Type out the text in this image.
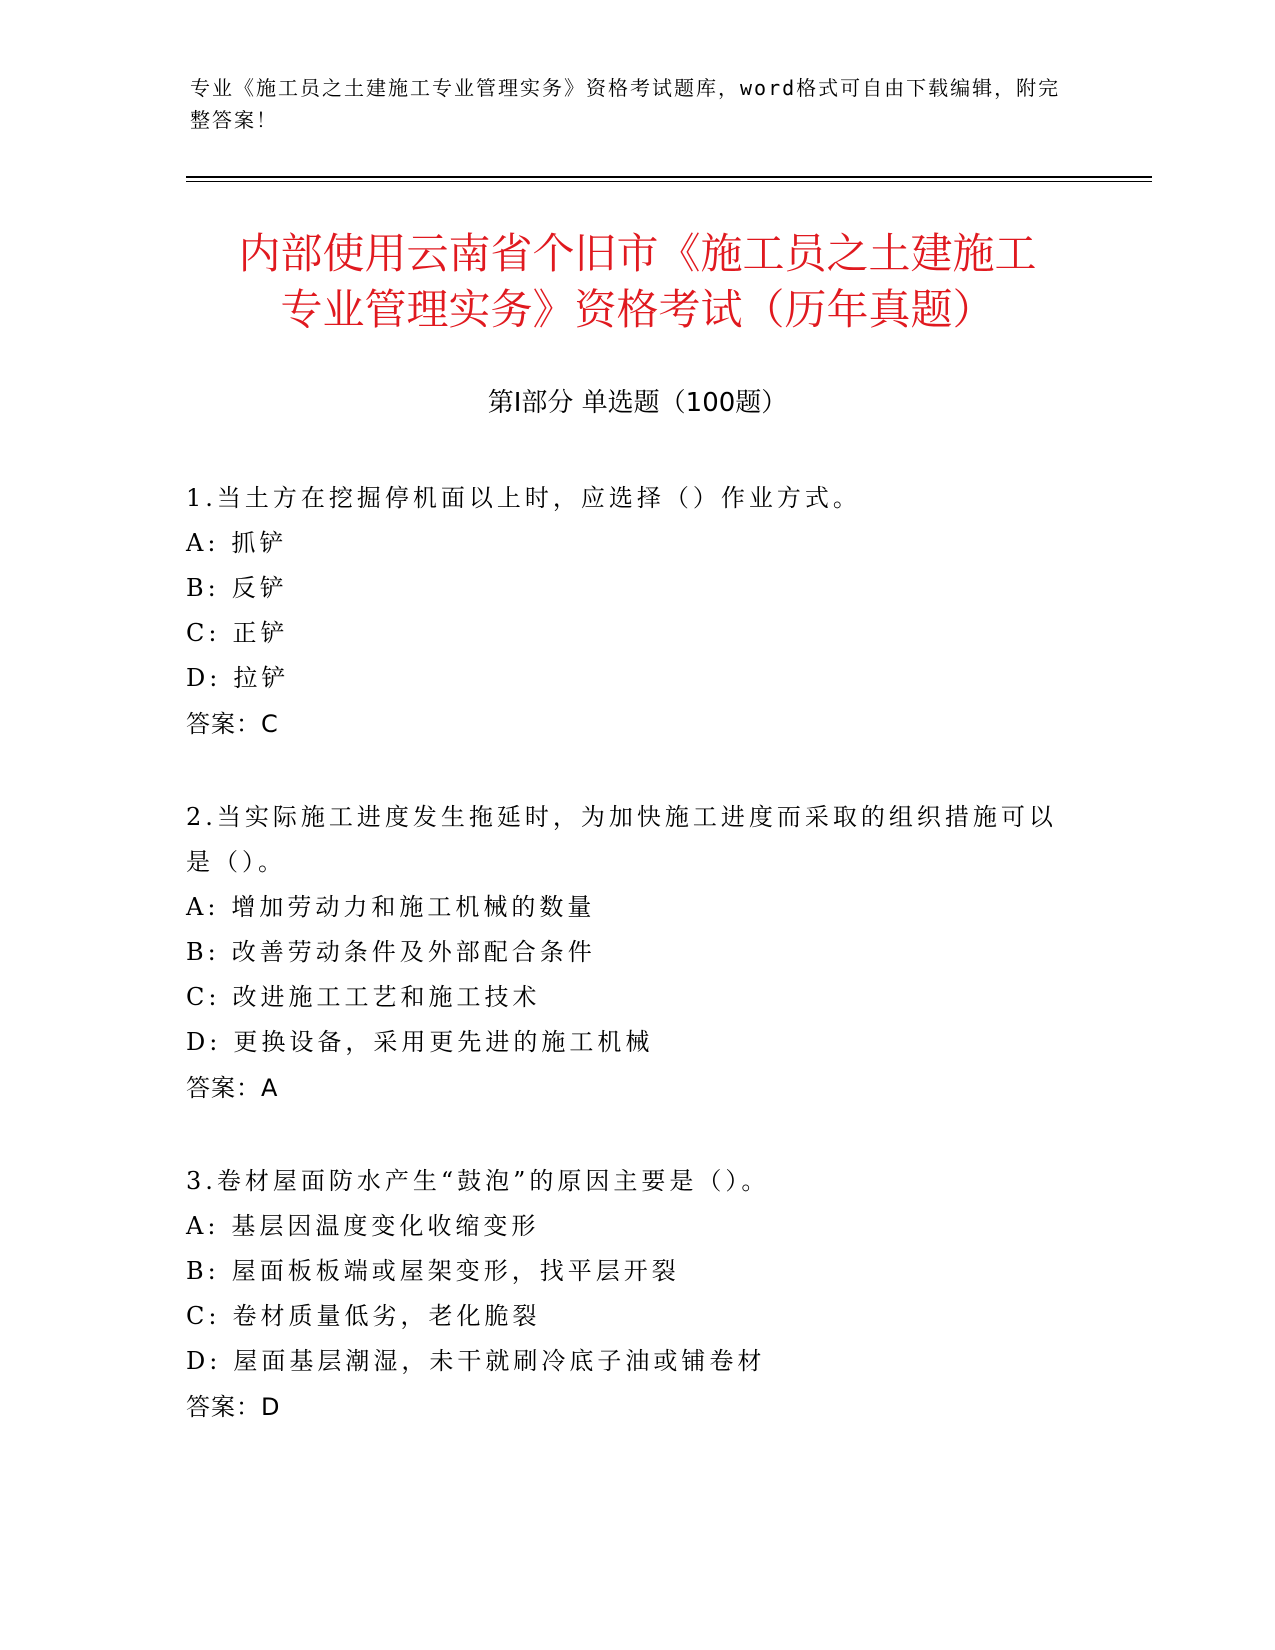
专业《施工员之土建施工专业管理实务》资格考试题库，word格式可自由下载编辑，附完整答案！
内部使用云南省个旧市《施工员之土建施工
专业管理实务》资格考试（历年真题）
第Ⅰ部分 单选题（100题）

1.当土方在挖掘停机面以上时，应选择（）作业方式。

A: 抓铲

B: 反铲

C: 正铲

D: 拉铲

答案：C

2.当实际施工进度发生拖延时，为加快施工进度而采取的组织措施可以是（）。

A: 增加劳动力和施工机械的数量

B: 改善劳动条件及外部配合条件

C: 改进施工工艺和施工技术

D: 更换设备，采用更先进的施工机械

答案：A

3.卷材屋面防水产生“鼓泡”的原因主要是（）。

A: 基层因温度变化收缩变形

B: 屋面板板端或屋架变形，找平层开裂

C: 卷材质量低劣，老化脆裂

D: 屋面基层潮湿，未干就刷冷底子油或铺卷材

答案：D
